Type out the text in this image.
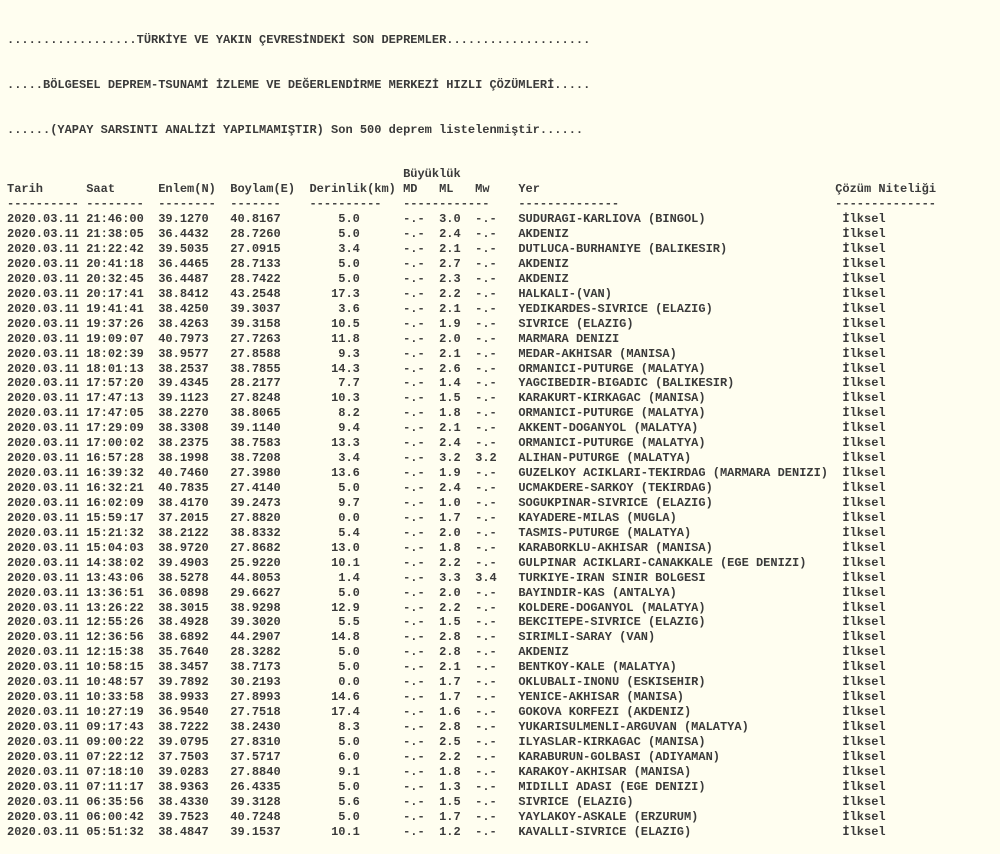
..................TÜRKİYE VE YAKIN ÇEVRESİNDEKİ SON DEPREMLER....................

.....BÖLGESEL DEPREM-TSUNAMİ İZLEME VE DEĞERLENDİRME MERKEZİ HIZLI ÇÖZÜMLERİ.....

......(YAPAY SARSINTI ANALİZİ YAPILMAMIŞTIR) Son 500 deprem listelenmiştir......

Büyüklük
Tarih      Saat      Enlem(N)  Boylam(E)  Derinlik(km) MD   ML   Mw    Yer                                         Çözüm Niteliği
---------- --------  --------  -------    ----------   ------------    --------------                              --------------
2020.03.11 21:46:00  39.1270   40.8167        5.0      -.-  3.0  -.-   SUDURAGI-KARLIOVA (BINGOL)                   İlksel
2020.03.11 21:38:05  36.4432   28.7260        5.0      -.-  2.4  -.-   AKDENIZ                                      İlksel
2020.03.11 21:22:42  39.5035   27.0915        3.4      -.-  2.1  -.-   DUTLUCA-BURHANIYE (BALIKESIR)                İlksel
2020.03.11 20:41:18  36.4465   28.7133        5.0      -.-  2.7  -.-   AKDENIZ                                      İlksel
2020.03.11 20:32:45  36.4487   28.7422        5.0      -.-  2.3  -.-   AKDENIZ                                      İlksel
2020.03.11 20:17:41  38.8412   43.2548       17.3      -.-  2.2  -.-   HALKALI-(VAN)                                İlksel
2020.03.11 19:41:41  38.4250   39.3037        3.6      -.-  2.1  -.-   YEDIKARDES-SIVRICE (ELAZIG)                  İlksel
2020.03.11 19:37:26  38.4263   39.3158       10.5      -.-  1.9  -.-   SIVRICE (ELAZIG)                             İlksel
2020.03.11 19:09:07  40.7973   27.7263       11.8      -.-  2.0  -.-   MARMARA DENIZI                               İlksel
2020.03.11 18:02:39  38.9577   27.8588        9.3      -.-  2.1  -.-   MEDAR-AKHISAR (MANISA)                       İlksel
2020.03.11 18:01:13  38.2537   38.7855       14.3      -.-  2.6  -.-   ORMANICI-PUTURGE (MALATYA)                   İlksel
2020.03.11 17:57:20  39.4345   28.2177        7.7      -.-  1.4  -.-   YAGCIBEDIR-BIGADIC (BALIKESIR)               İlksel
2020.03.11 17:47:13  39.1123   27.8248       10.3      -.-  1.5  -.-   KARAKURT-KIRKAGAC (MANISA)                   İlksel
2020.03.11 17:47:05  38.2270   38.8065        8.2      -.-  1.8  -.-   ORMANICI-PUTURGE (MALATYA)                   İlksel
2020.03.11 17:29:09  38.3308   39.1140        9.4      -.-  2.1  -.-   AKKENT-DOGANYOL (MALATYA)                    İlksel
2020.03.11 17:00:02  38.2375   38.7583       13.3      -.-  2.4  -.-   ORMANICI-PUTURGE (MALATYA)                   İlksel
2020.03.11 16:57:28  38.1998   38.7208        3.4      -.-  3.2  3.2   ALIHAN-PUTURGE (MALATYA)                     İlksel
2020.03.11 16:39:32  40.7460   27.3980       13.6      -.-  1.9  -.-   GUZELKOY ACIKLARI-TEKIRDAG (MARMARA DENIZI)  İlksel
2020.03.11 16:32:21  40.7835   27.4140        5.0      -.-  2.4  -.-   UCMAKDERE-SARKOY (TEKIRDAG)                  İlksel
2020.03.11 16:02:09  38.4170   39.2473        9.7      -.-  1.0  -.-   SOGUKPINAR-SIVRICE (ELAZIG)                  İlksel
2020.03.11 15:59:17  37.2015   27.8820        0.0      -.-  1.7  -.-   KAYADERE-MILAS (MUGLA)                       İlksel
2020.03.11 15:21:32  38.2122   38.8332        5.4      -.-  2.0  -.-   TASMIS-PUTURGE (MALATYA)                     İlksel
2020.03.11 15:04:03  38.9720   27.8682       13.0      -.-  1.8  -.-   KARABORKLU-AKHISAR (MANISA)                  İlksel
2020.03.11 14:38:02  39.4903   25.9220       10.1      -.-  2.2  -.-   GULPINAR ACIKLARI-CANAKKALE (EGE DENIZI)     İlksel
2020.03.11 13:43:06  38.5278   44.8053        1.4      -.-  3.3  3.4   TURKIYE-IRAN SINIR BOLGESI                   İlksel
2020.03.11 13:36:51  36.0898   29.6627        5.0      -.-  2.0  -.-   BAYINDIR-KAS (ANTALYA)                       İlksel
2020.03.11 13:26:22  38.3015   38.9298       12.9      -.-  2.2  -.-   KOLDERE-DOGANYOL (MALATYA)                   İlksel
2020.03.11 12:55:26  38.4928   39.3020        5.5      -.-  1.5  -.-   BEKCITEPE-SIVRICE (ELAZIG)                   İlksel
2020.03.11 12:36:56  38.6892   44.2907       14.8      -.-  2.8  -.-   SIRIMLI-SARAY (VAN)                          İlksel
2020.03.11 12:15:38  35.7640   28.3282        5.0      -.-  2.8  -.-   AKDENIZ                                      İlksel
2020.03.11 10:58:15  38.3457   38.7173        5.0      -.-  2.1  -.-   BENTKOY-KALE (MALATYA)                       İlksel
2020.03.11 10:48:57  39.7892   30.2193        0.0      -.-  1.7  -.-   OKLUBALI-INONU (ESKISEHIR)                   İlksel
2020.03.11 10:33:58  38.9933   27.8993       14.6      -.-  1.7  -.-   YENICE-AKHISAR (MANISA)                      İlksel
2020.03.11 10:27:19  36.9540   27.7518       17.4      -.-  1.6  -.-   GOKOVA KORFEZI (AKDENIZ)                     İlksel
2020.03.11 09:17:43  38.7222   38.2430        8.3      -.-  2.8  -.-   YUKARISULMENLI-ARGUVAN (MALATYA)             İlksel
2020.03.11 09:00:22  39.0795   27.8310        5.0      -.-  2.5  -.-   ILYASLAR-KIRKAGAC (MANISA)                   İlksel
2020.03.11 07:22:12  37.7503   37.5717        6.0      -.-  2.2  -.-   KARABURUN-GOLBASI (ADIYAMAN)                 İlksel
2020.03.11 07:18:10  39.0283   27.8840        9.1      -.-  1.8  -.-   KARAKOY-AKHISAR (MANISA)                     İlksel
2020.03.11 07:11:17  38.9363   26.4335        5.0      -.-  1.3  -.-   MIDILLI ADASI (EGE DENIZI)                   İlksel
2020.03.11 06:35:56  38.4330   39.3128        5.6      -.-  1.5  -.-   SIVRICE (ELAZIG)                             İlksel
2020.03.11 06:00:42  39.7523   40.7248        5.0      -.-  1.7  -.-   YAYLAKOY-ASKALE (ERZURUM)                    İlksel
2020.03.11 05:51:32  38.4847   39.1537       10.1      -.-  1.2  -.-   KAVALLI-SIVRICE (ELAZIG)                     İlksel
